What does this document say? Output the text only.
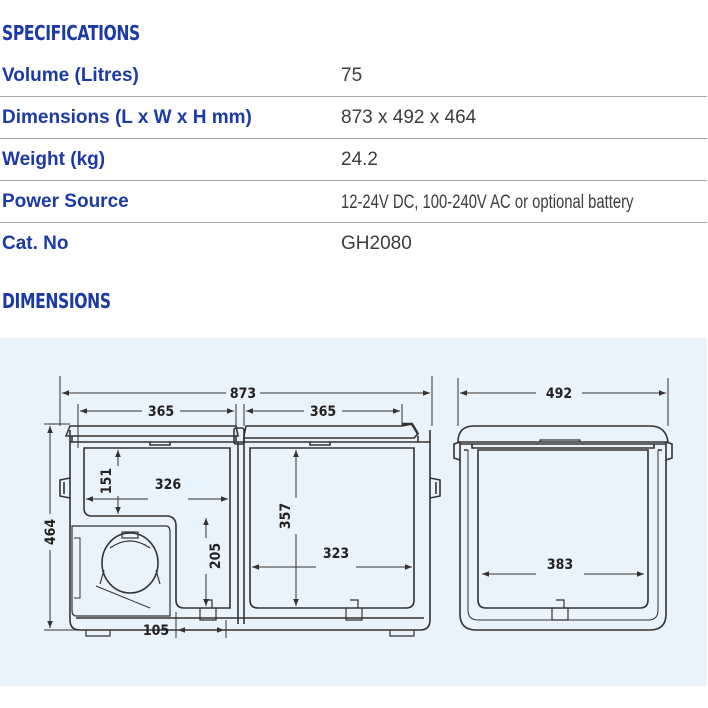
SPECIFICATIONS
Volume (Litres)	75
Dimensions (L x W x H mm)	873 x 492 x 464
Weight (kg)	24.2
Power Source	12-24V DC, 100-240V AC or optional battery
Cat. No	GH2080
DIMENSIONS
873
365	365
464
151	326
205
357
323
105
492
383
